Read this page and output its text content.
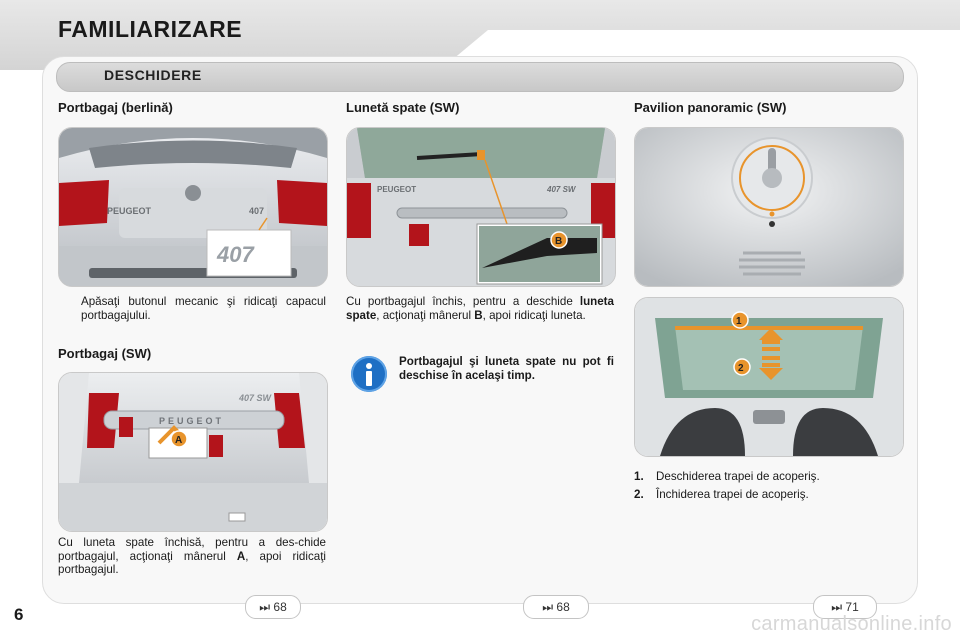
FAMILIARIZARE
DESCHIDERE
Portbagaj (berlină)
PEUGEOT	407
407
Apăsaţi butonul mecanic şi ridicaţi capacul portbagajului.
Portbagaj (SW)
PEUGEOT
407 SW
A
Cu luneta spate închisă, pentru a des-chide portbagajul, acţionaţi mânerul A, apoi ridicaţi portbagajul.
Lunetă spate (SW)
PEUGEOT	407 SW
B
Cu portbagajul închis, pentru a deschide luneta spate, acţionaţi mânerul B, apoi ridicaţi luneta.
Portbagajul şi luneta spate nu pot fi deschise în acelaşi timp.
Pavilion panoramic (SW)
1
2
1. Deschiderea trapei de acoperiş.
2. Închiderea trapei de acoperiş.
⏭ 68	⏭ 68	⏭ 71
6	carmanualsonline.info
